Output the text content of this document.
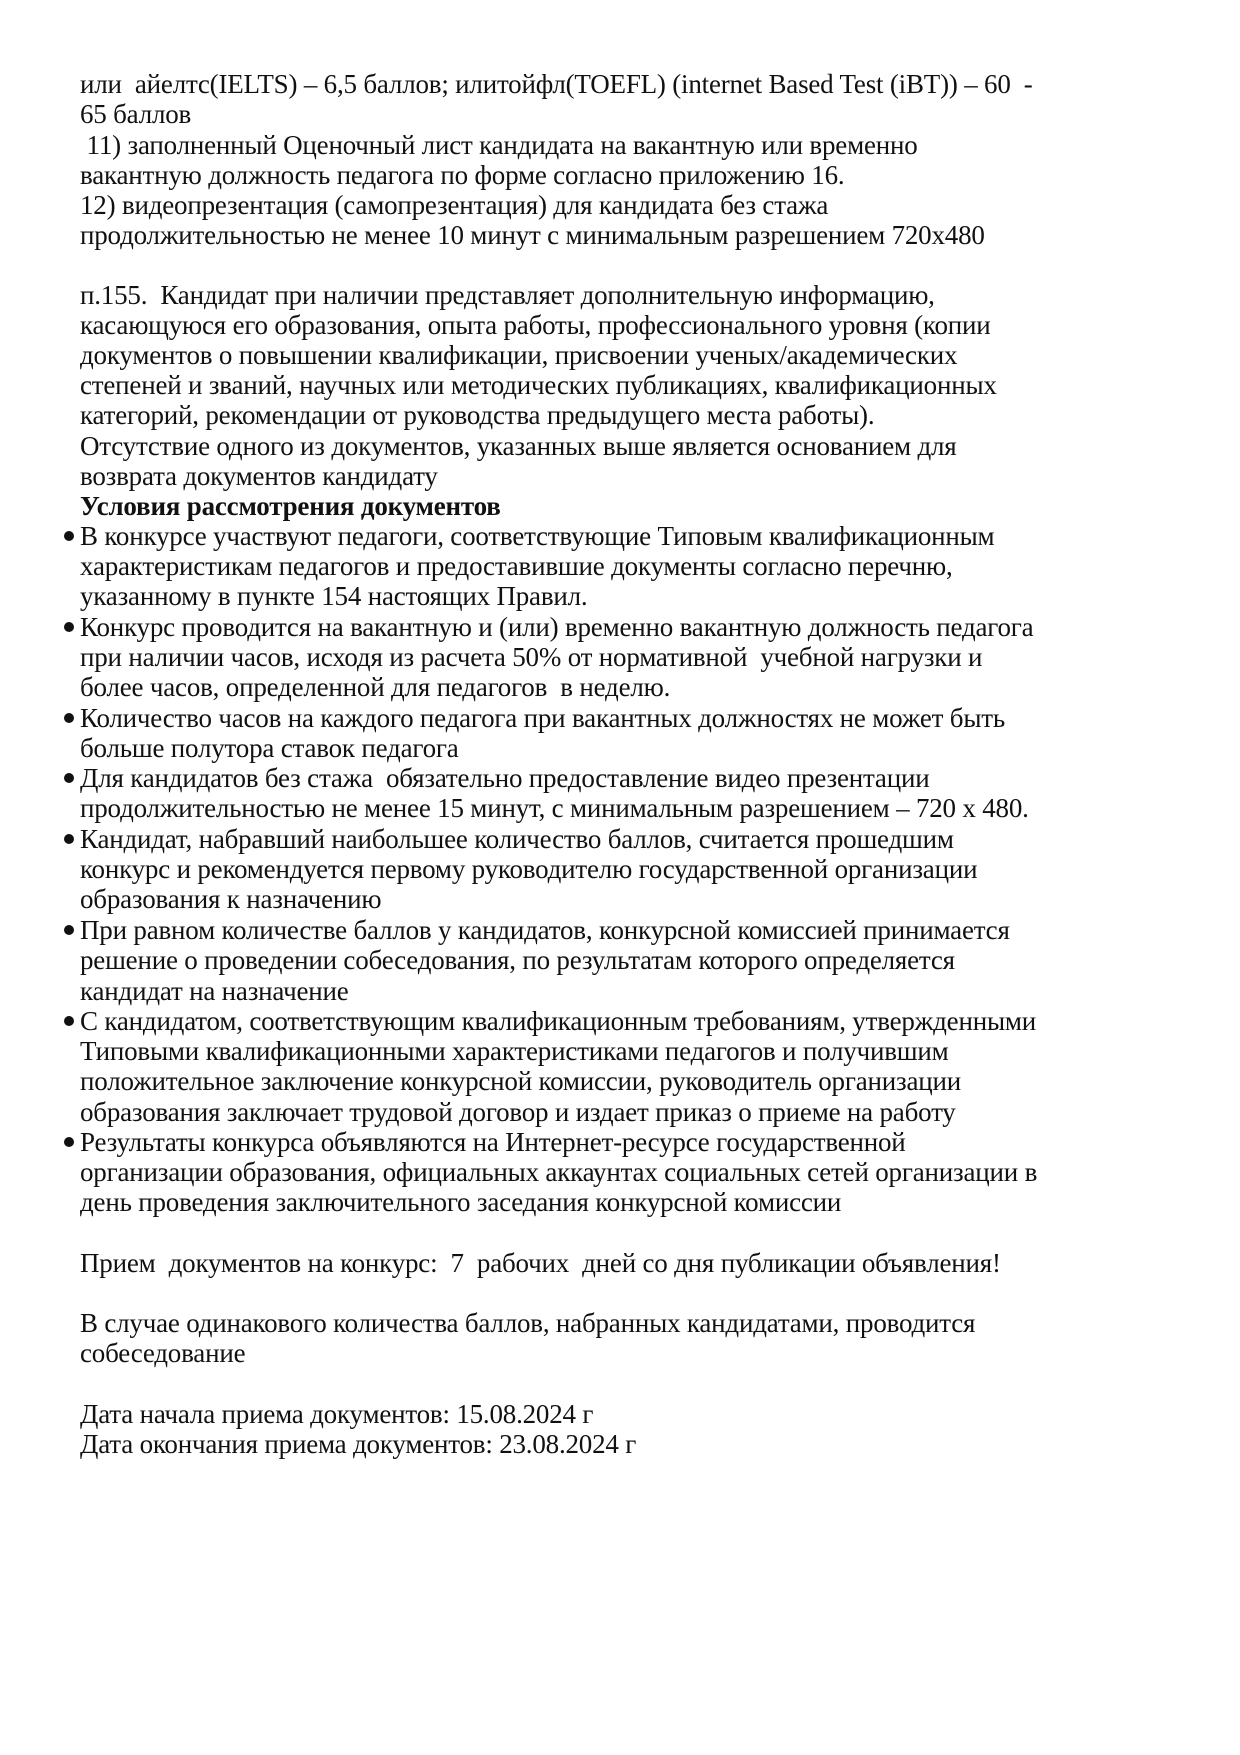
или  айелтс(IELTS) – 6,5 баллов; илитойфл(TOEFL) (internet Based Test (iBT)) – 60  -
65 баллов
11) заполненный Оценочный лист кандидата на вакантную или временно
вакантную должность педагога по форме согласно приложению 16.
12) видеопрезентация (самопрезентация) для кандидата без стажа
продолжительностью не менее 10 минут с минимальным разрешением 720x480
п.155.  Кандидат при наличии представляет дополнительную информацию,
касающуюся его образования, опыта работы, профессионального уровня (копии
документов о повышении квалификации, присвоении ученых/академических
степеней и званий, научных или методических публикациях, квалификационных
категорий, рекомендации от руководства предыдущего места работы).
Отсутствие одного из документов, указанных выше является основанием для
возврата документов кандидату
Условия рассмотрения документов
В конкурсе участвуют педагоги, соответствующие Типовым квалификационным
характеристикам педагогов и предоставившие документы согласно перечню,
указанному в пункте 154 настоящих Правил.
Конкурс проводится на вакантную и (или) временно вакантную должность педагога
при наличии часов, исходя из расчета 50% от нормативной  учебной нагрузки и
более часов, определенной для педагогов  в неделю.
Количество часов на каждого педагога при вакантных должностях не может быть
больше полутора ставок педагога
Для кандидатов без стажа  обязательно предоставление видео презентации
продолжительностью не менее 15 минут, с минимальным разрешением – 720 х 480.
Кандидат, набравший наибольшее количество баллов, считается прошедшим
конкурс и рекомендуется первому руководителю государственной организации
образования к назначению
При равном количестве баллов у кандидатов, конкурсной комиссией принимается
решение о проведении собеседования, по результатам которого определяется
кандидат на назначение
С кандидатом, соответствующим квалификационным требованиям, утвержденными
Типовыми квалификационными характеристиками педагогов и получившим
положительное заключение конкурсной комиссии, руководитель организации
образования заключает трудовой договор и издает приказ о приеме на работу
Результаты конкурса объявляются на Интернет-ресурсе государственной
организации образования, официальных аккаунтах социальных сетей организации в
день проведения заключительного заседания конкурсной комиссии
Прием  документов на конкурс:  7  рабочих  дней со дня публикации объявления!
В случае одинакового количества баллов, набранных кандидатами, проводится
собеседование
Дата начала приема документов: 15.08.2024 г
Дата окончания приема документов: 23.08.2024 г
